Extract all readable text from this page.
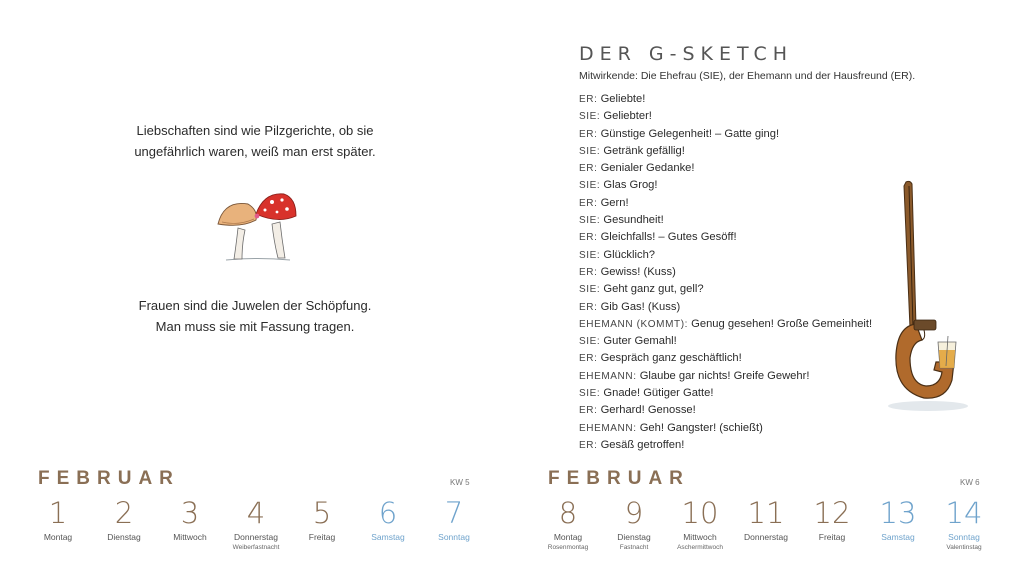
Liebschaften sind wie Pilzgerichte, ob sie
ungefährlich waren, weiß man erst später.
Frauen sind die Juwelen der Schöpfung.
Man muss sie mit Fassung tragen.
DER G-SKETCH
Mitwirkende: Die Ehefrau (SIE), der Ehemann und der Hausfreund (ER).
ER: Geliebte!
SIE: Geliebter!
ER: Günstige Gelegenheit! – Gatte ging!
SIE: Getränk gefällig!
ER: Genialer Gedanke!
SIE: Glas Grog!
ER: Gern!
SIE: Gesundheit!
ER: Gleichfalls! – Gutes Gesöff!
SIE: Glücklich?
ER: Gewiss! (Kuss)
SIE: Geht ganz gut, gell?
ER: Gib Gas! (Kuss)
EHEMANN (KOMMT): Genug gesehen! Große Gemeinheit!
SIE: Guter Gemahl!
ER: Gespräch ganz geschäftlich!
EHEMANN: Glaube gar nichts! Greife Gewehr!
SIE: Gnade! Gütiger Gatte!
ER: Gerhard! Genosse!
EHEMANN: Geh! Gangster! (schießt)
ER: Gesäß getroffen!
FEBRUAR	KW 5
1
Montag
2
Dienstag
3
Mittwoch
4
Donnerstag
Weiberfastnacht
5
Freitag
6
Samstag
7
Sonntag
FEBRUAR	KW 6
8
Montag
Rosenmontag
9
Dienstag
Fastnacht
10
Mittwoch
Aschermittwoch
11
Donnerstag
12
Freitag
13
Samstag
14
Sonntag
Valentinstag
